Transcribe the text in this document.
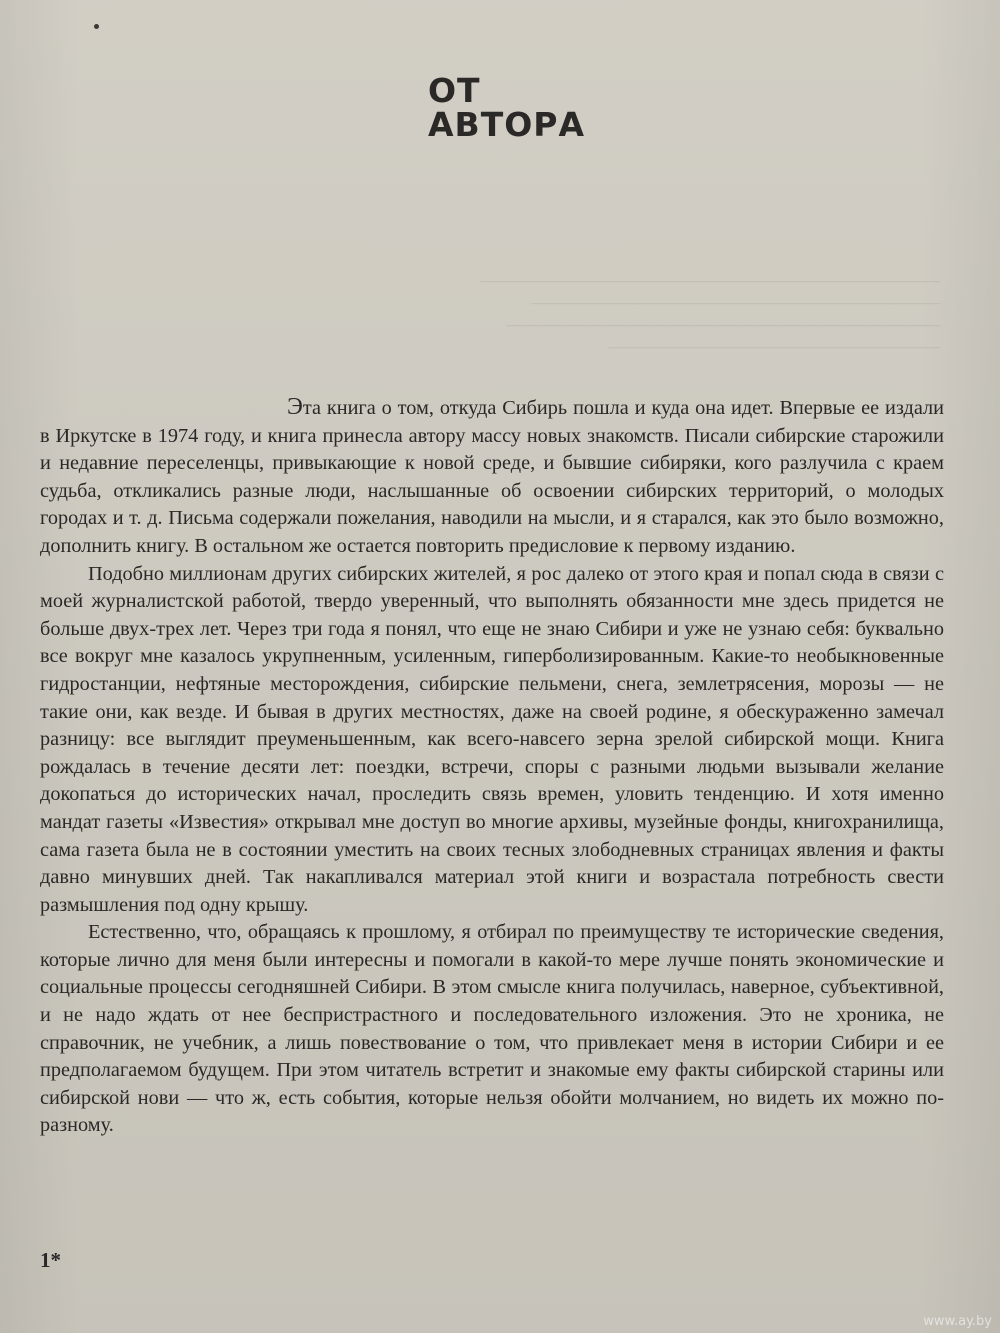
────────────────────────────────────
────────────────────────────────
──────────────────────────────────
──────────────────────────
ОТ
АВТОРА

Эта книга о том, откуда Сибирь пошла и куда она идет. Впервые ее издали в Иркутске в 1974 году, и книга принесла автору массу новых знакомств. Писали сибирские старожили и недавние переселенцы, привыкающие к новой среде, и бывшие сибиряки, кого разлучила с краем судьба, откликались разные люди, наслышанные об освоении сибирских территорий, о молодых городах и т. д. Письма содержали пожелания, наводили на мысли, и я старался, как это было возможно, дополнить книгу. В остальном же остается повторить предисловие к первому изданию.

Подобно миллионам других сибирских жителей, я рос далеко от этого края и попал сюда в связи с моей журналистской работой, твердо уверенный, что выполнять обязанности мне здесь придется не больше двух-трех лет. Через три года я понял, что еще не знаю Сибири и уже не узнаю себя: буквально все вокруг мне казалось укрупненным, усиленным, гиперболизированным. Какие-то необыкновенные гидростанции, нефтяные месторождения, сибирские пельмени, снега, землетрясения, морозы — не такие они, как везде. И бывая в других местностях, даже на своей родине, я обескураженно замечал разницу: все выглядит преуменьшенным, как всего-навсего зерна зрелой сибирской мощи. Книга рождалась в течение десяти лет: поездки, встречи, споры с разными людьми вызывали желание докопаться до исторических начал, проследить связь времен, уловить тенденцию. И хотя именно мандат газеты «Известия» открывал мне доступ во многие архивы, музейные фонды, книгохранилища, сама газета была не в состоянии уместить на своих тесных злободневных страницах явления и факты давно минувших дней. Так накапливался материал этой книги и возрастала потребность свести размышления под одну крышу.

Естественно, что, обращаясь к прошлому, я отбирал по преимуществу те исторические сведения, которые лично для меня были интересны и помогали в какой-то мере лучше понять экономические и социальные процессы сегодняшней Сибири. В этом смысле книга получилась, наверное, субъективной, и не надо ждать от нее беспристрастного и последовательного изложения. Это не хроника, не справочник, не учебник, а лишь повествование о том, что привлекает меня в истории Сибири и ее предполагаемом будущем. При этом читатель встретит и знакомые ему факты сибирской старины или сибирской нови — что ж, есть события, которые нельзя обойти молчанием, но видеть их можно по-разному.

1*
www.ay.by
